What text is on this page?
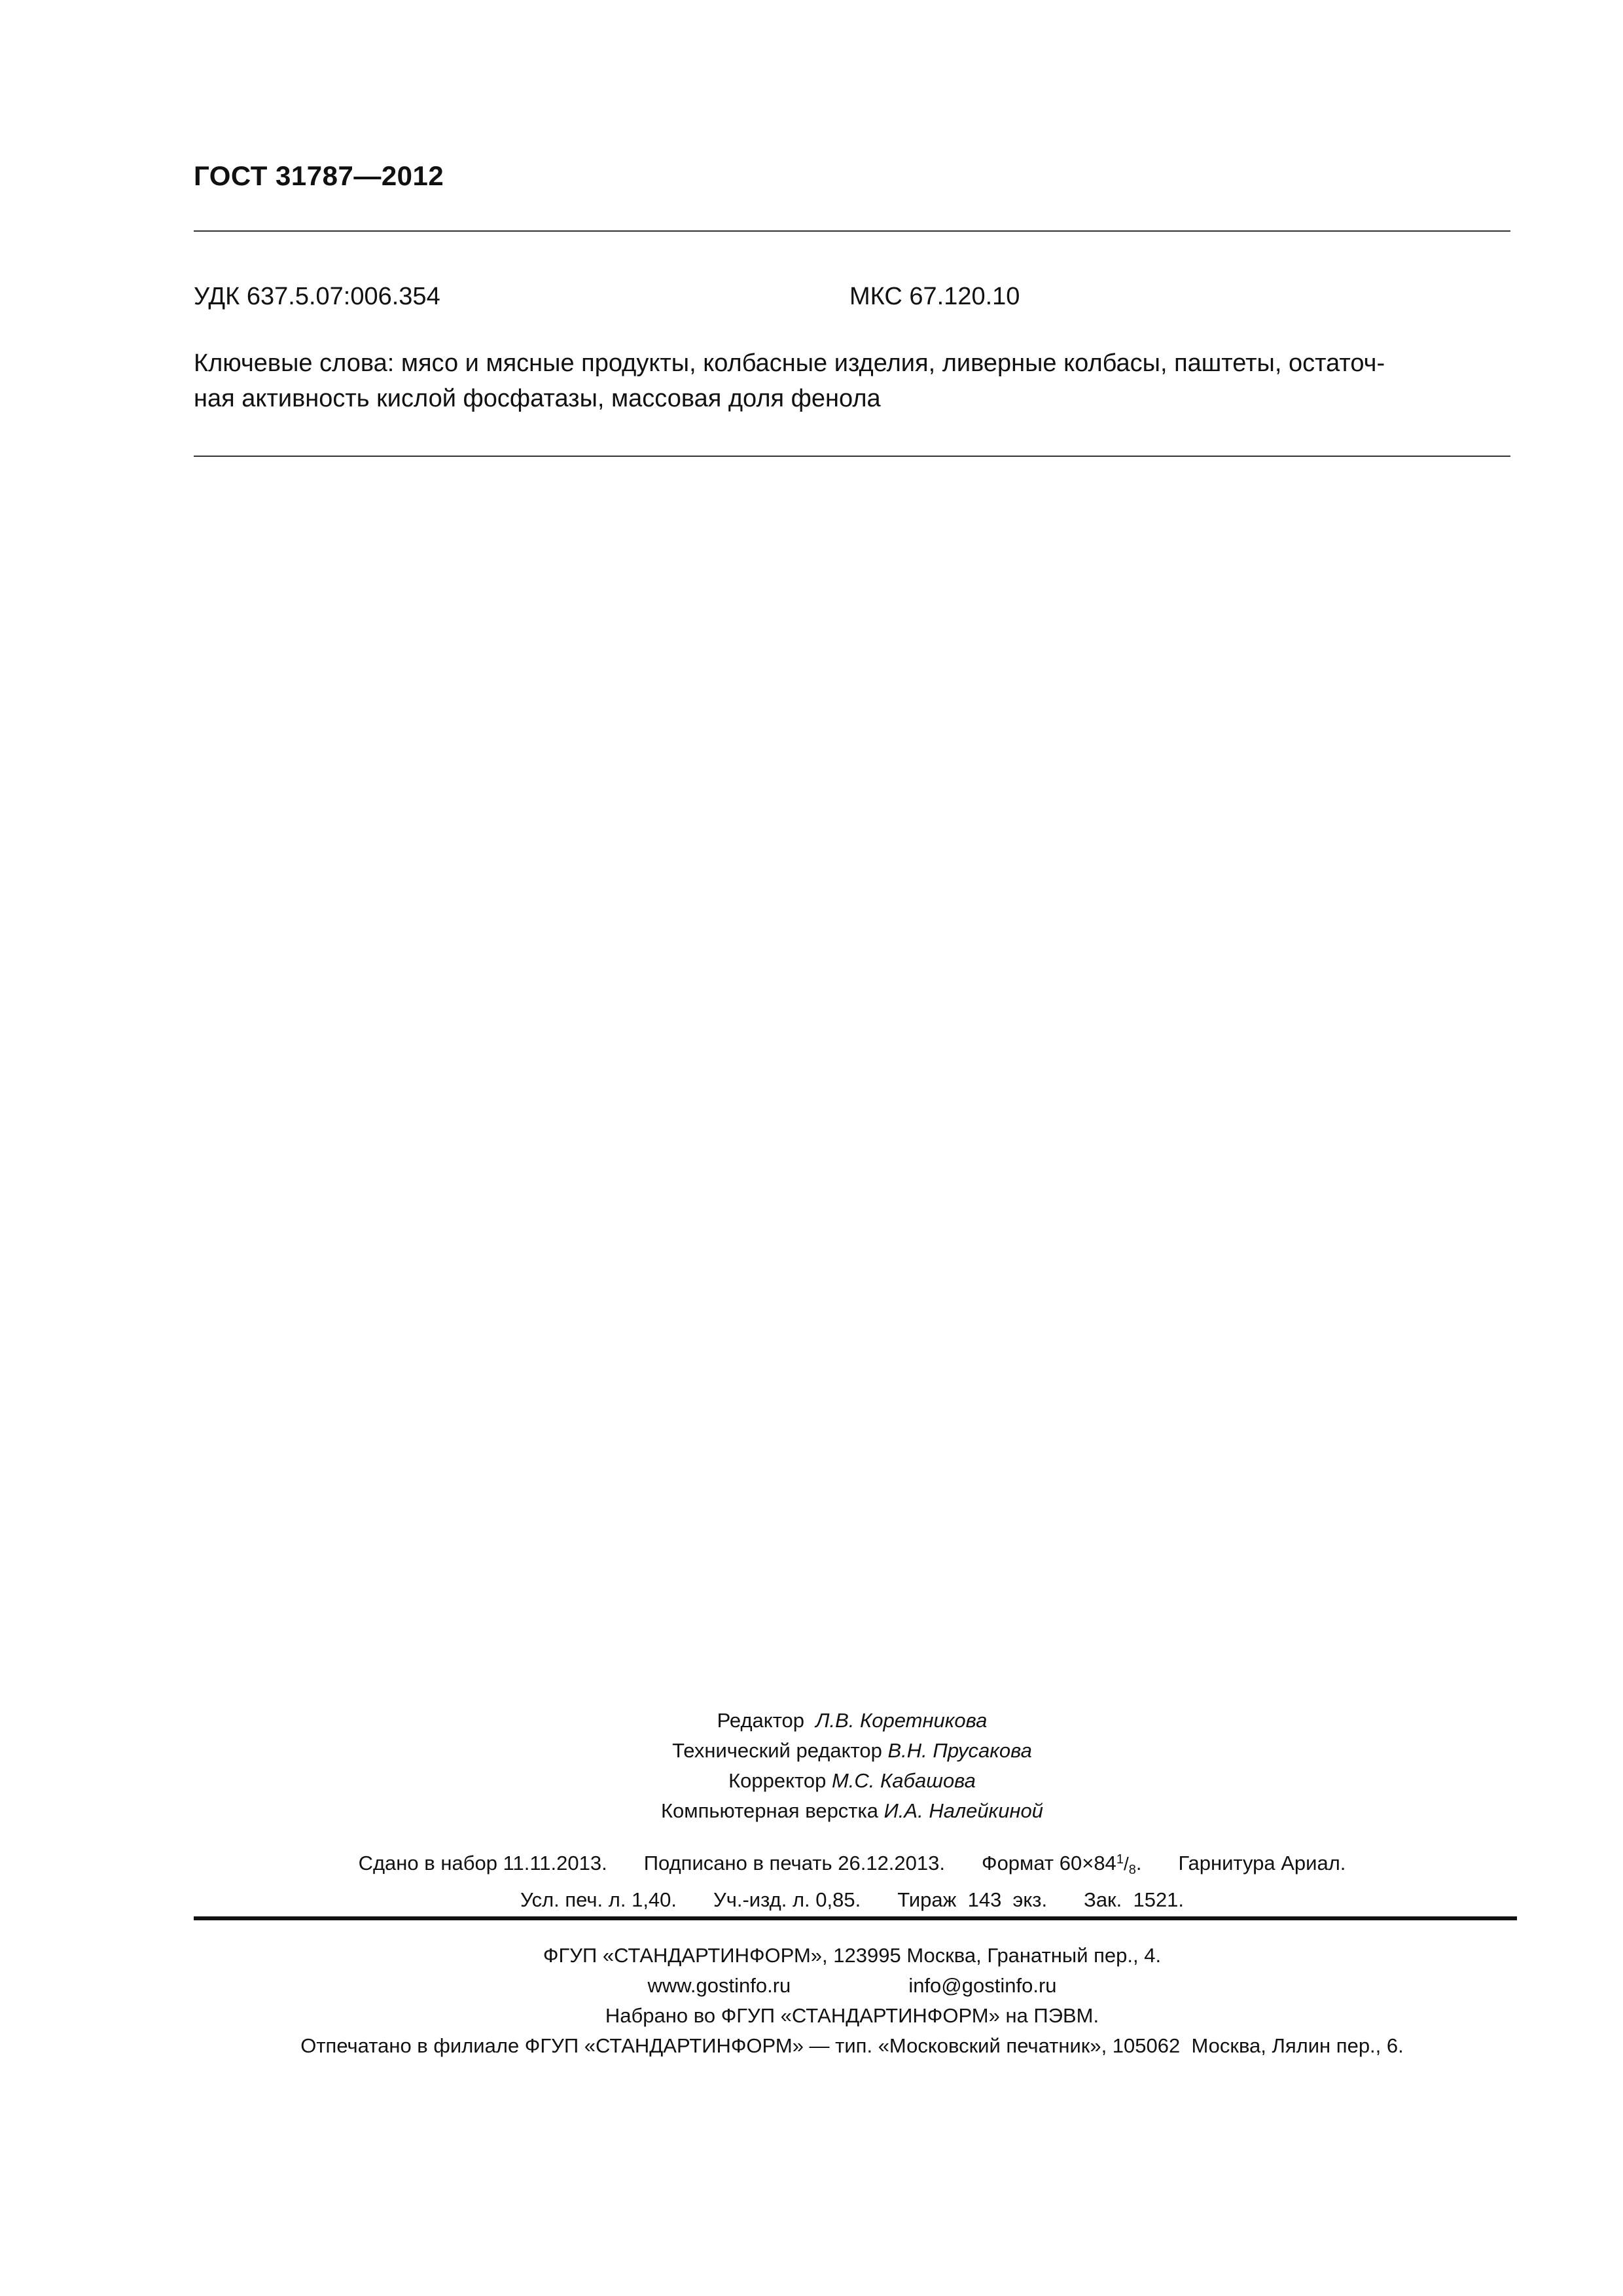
ГОСТ 31787—2012
УДК 637.5.07:006.354	МКС 67.120.10
Ключевые слова: мясо и мясные продукты, колбасные изделия, ливерные колбасы, паштеты, остаточ-
ная активность кислой фосфатазы, массовая доля фенола
Редактор Л.В. Коретникова
Технический редактор В.Н. Прусакова
Корректор М.С. Кабашова
Компьютерная верстка И.А. Налейкиной
Сдано в набор 11.11.2013. Подписано в печать 26.12.2013. Формат $60\times 84^1/_8$. Гарнитура Ариал.
Усл. печ. л. 1,40. Уч.-изд. л. 0,85. Тираж  143  экз. Зак.  1521.
ФГУП «СТАНДАРТИНФОРМ», 123995 Москва, Гранатный пер., 4.
www.gostinfo.ru	info@gostinfo.ru
Набрано во ФГУП «СТАНДАРТИНФОРМ» на ПЭВМ.
Отпечатано в филиале ФГУП «СТАНДАРТИНФОРМ» — тип. «Московский печатник», 105062  Москва, Лялин пер., 6.
